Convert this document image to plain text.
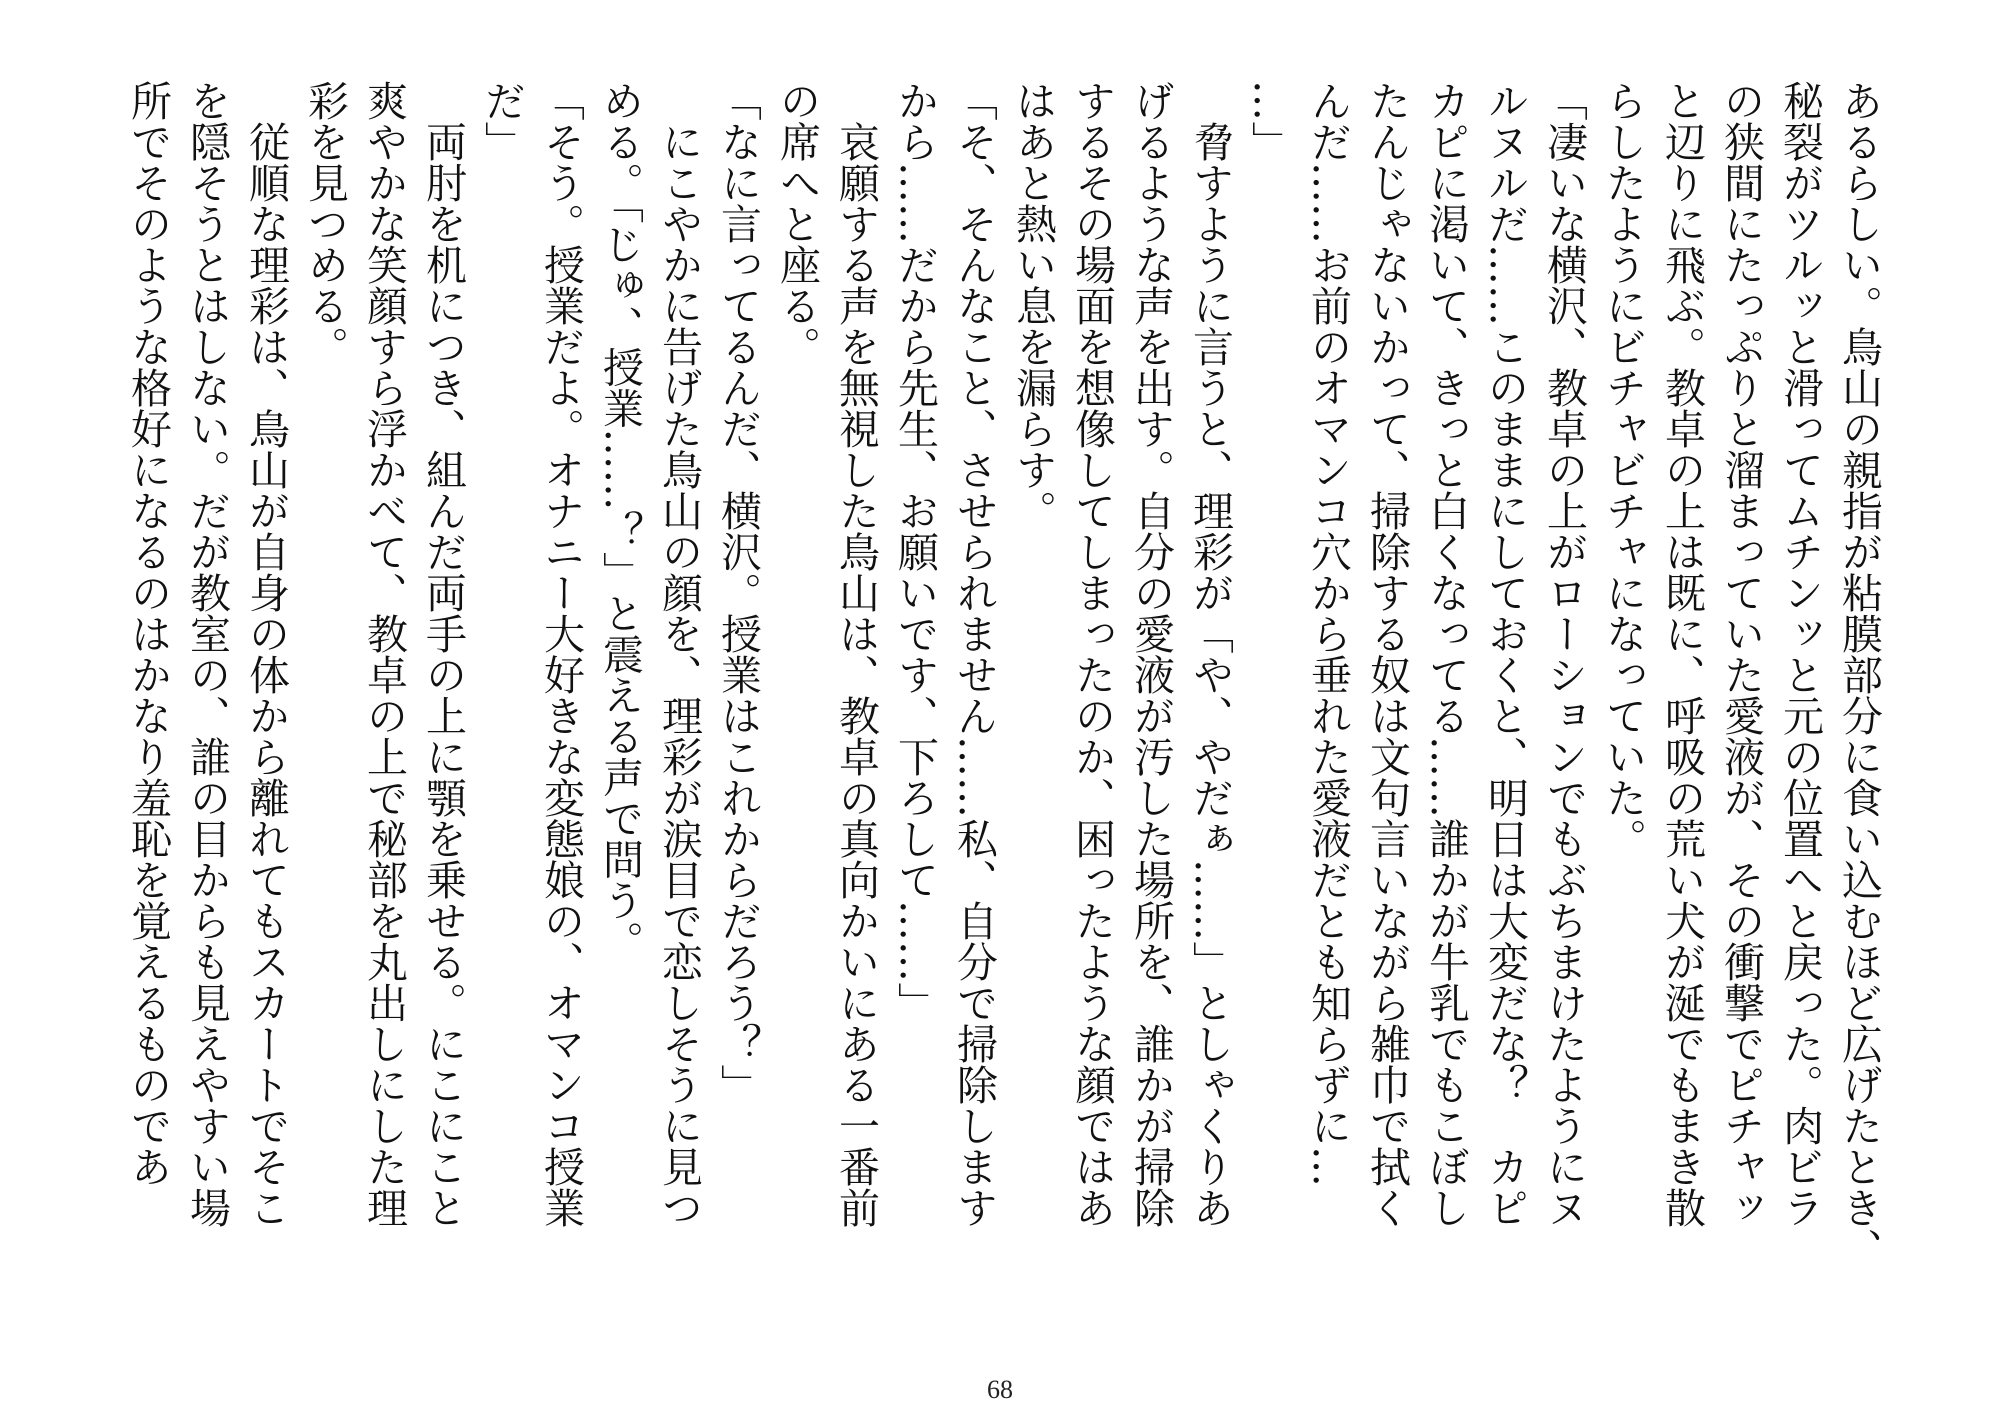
あるらしい。鳥山の親指が粘膜部分に食い込むほど広げたとき、
秘裂がツルッと滑ってムチンッと元の位置へと戻った。肉ビラ
の狭間にたっぷりと溜まっていた愛液が、その衝撃でピチャッ
と辺りに飛ぶ。教卓の上は既に、呼吸の荒い犬が涎でもまき散
らしたようにビチャビチャになっていた。
「凄いな横沢、教卓の上がローションでもぶちまけたようにヌ
ルヌルだ……このままにしておくと、明日は大変だな？　カピ
カピに渇いて、きっと白くなってる……誰かが牛乳でもこぼし
たんじゃないかって、掃除する奴は文句言いながら雑巾で拭く
んだ……お前のオマンコ穴から垂れた愛液だとも知らずに…
…」
　脅すように言うと、理彩が「や、やだぁ……」としゃくりあ
げるような声を出す。自分の愛液が汚した場所を、誰かが掃除
するその場面を想像してしまったのか、困ったような顔ではあ
はあと熱い息を漏らす。
「そ、そんなこと、させられません……私、自分で掃除します
から……だから先生、お願いです、下ろして……」
　哀願する声を無視した鳥山は、教卓の真向かいにある一番前
の席へと座る。
「なに言ってるんだ、横沢。授業はこれからだろう？」
　にこやかに告げた鳥山の顔を、理彩が涙目で恋しそうに見つ
める。「じゅ、授業……？」と震える声で問う。
「そう。授業だよ。オナニー大好きな変態娘の、オマンコ授業
だ」
　両肘を机につき、組んだ両手の上に顎を乗せる。にこにこと
爽やかな笑顔すら浮かべて、教卓の上で秘部を丸出しにした理
彩を見つめる。
　従順な理彩は、鳥山が自身の体から離れてもスカートでそこ
を隠そうとはしない。だが教室の、誰の目からも見えやすい場
所でそのような格好になるのはかなり羞恥を覚えるものであ
68
